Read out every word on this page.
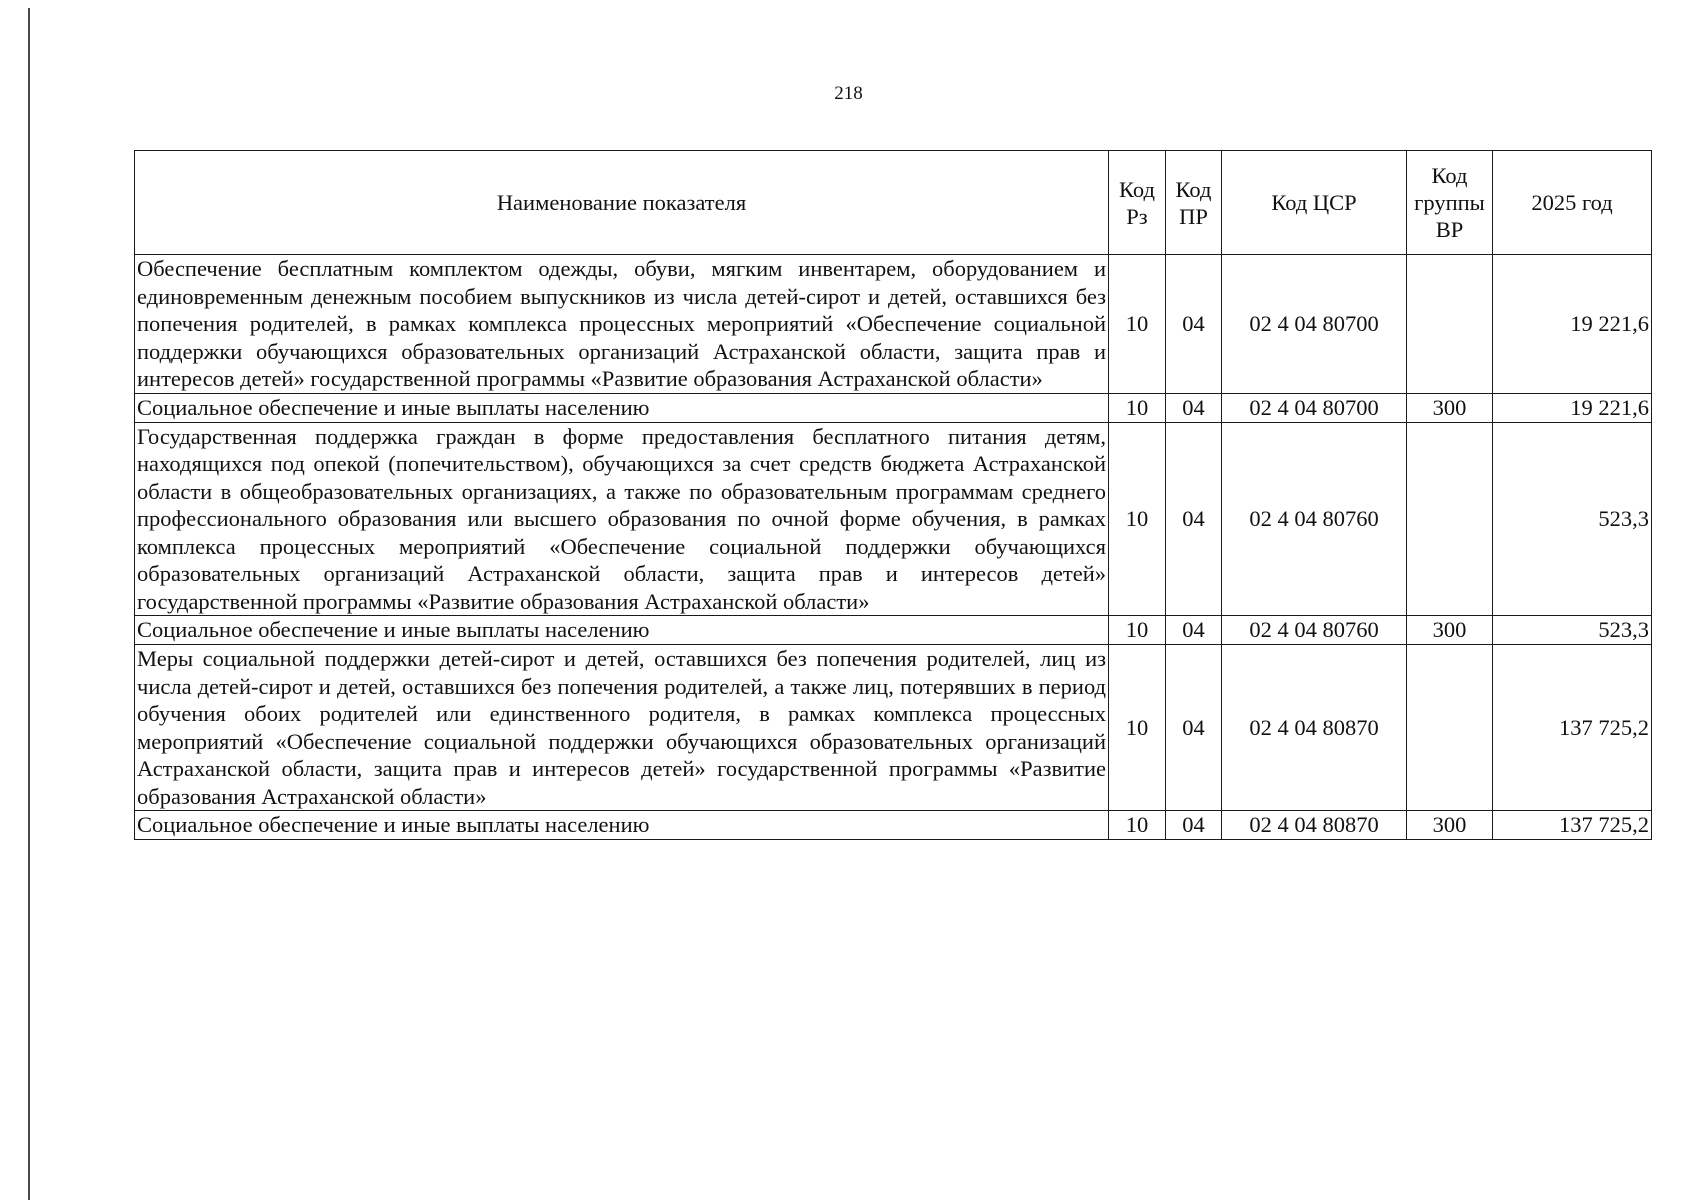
218
Наименование показателя	Код Рз	Код ПР	Код ЦСР	Код группы ВР	2025 год
Обеспечение бесплатным комплектом одежды, обуви, мягким инвентарем, оборудованием и единовременным денежным пособием выпускников из числа детей-сирот и детей, оставшихся без попечения родителей, в рамках комплекса процессных мероприятий «Обеспечение социальной поддержки обучающихся образовательных организаций Астраханской области, защита прав и интересов детей» государственной программы «Развитие образования Астраханской области»	10	04	02 4 04 80700		19 221,6
Социальное обеспечение и иные выплаты населению	10	04	02 4 04 80700	300	19 221,6
Государственная поддержка граждан в форме предоставления бесплатного питания детям, находящихся под опекой (попечительством), обучающихся за счет средств бюджета Астраханской области в общеобразовательных организациях, а также по образовательным программам среднего профессионального образования или высшего образования по очной форме обучения, в рамках комплекса процессных мероприятий «Обеспечение социальной поддержки обучающихся образовательных организаций Астраханской области, защита прав и интересов детей» государственной программы «Развитие образования Астраханской области»	10	04	02 4 04 80760		523,3
Социальное обеспечение и иные выплаты населению	10	04	02 4 04 80760	300	523,3
Меры социальной поддержки детей-сирот и детей, оставшихся без попечения родителей, лиц из числа детей-сирот и детей, оставшихся без попечения родителей, а также лиц, потерявших в период обучения обоих родителей или единственного родителя, в рамках комплекса процессных мероприятий «Обеспечение социальной поддержки обучающихся образовательных организаций Астраханской области, защита прав и интересов детей» государственной программы «Развитие образования Астраханской области»	10	04	02 4 04 80870		137 725,2
Социальное обеспечение и иные выплаты населению	10	04	02 4 04 80870	300	137 725,2
